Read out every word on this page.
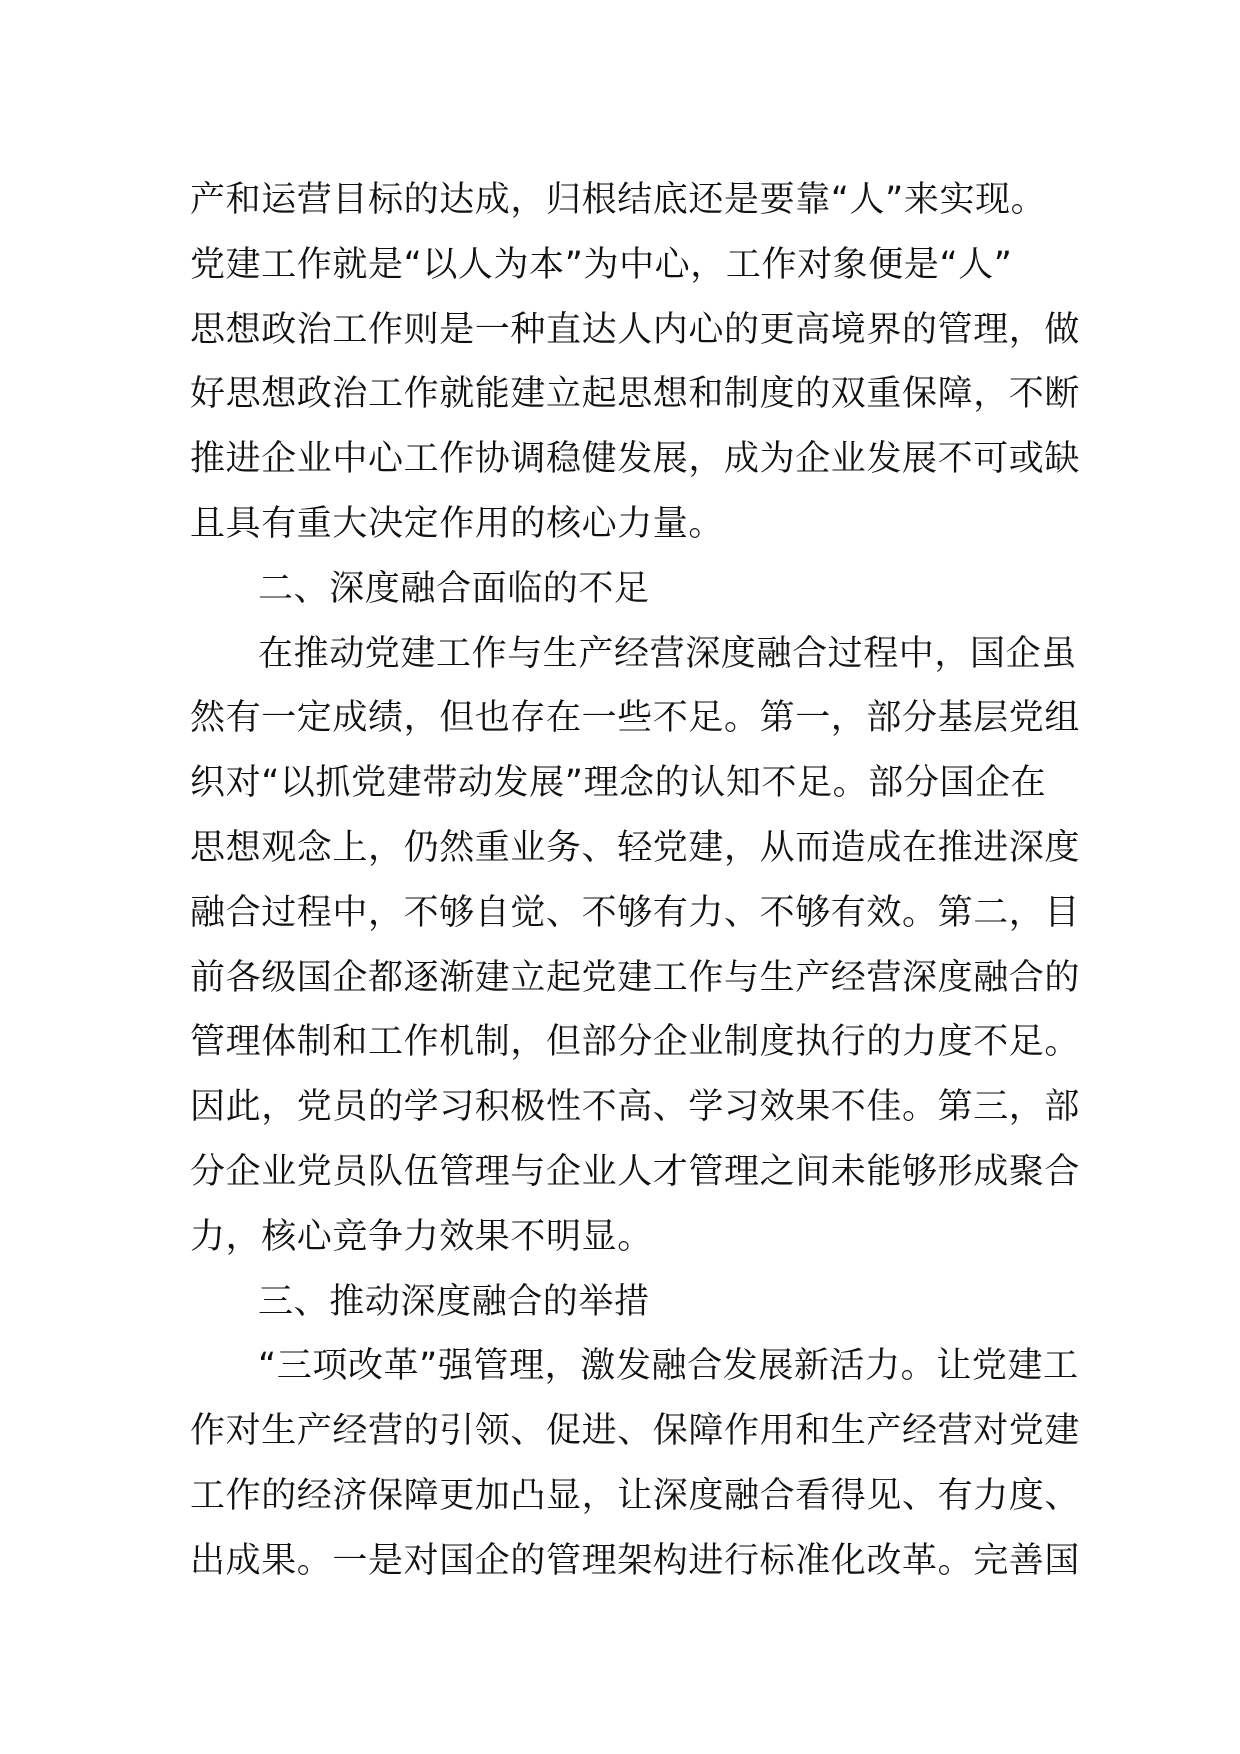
产和运营目标的达成，归根结底还是要靠“人”来实现。
党建工作就是“以人为本”为中心，工作对象便是“人”
思想政治工作则是一种直达人内心的更高境界的管理，做
好思想政治工作就能建立起思想和制度的双重保障，不断
推进企业中心工作协调稳健发展，成为企业发展不可或缺
且具有重大决定作用的核心力量。
二、深度融合面临的不足
在推动党建工作与生产经营深度融合过程中，国企虽
然有一定成绩，但也存在一些不足。第一，部分基层党组
织对“以抓党建带动发展”理念的认知不足。部分国企在
思想观念上，仍然重业务、轻党建，从而造成在推进深度
融合过程中，不够自觉、不够有力、不够有效。第二，目
前各级国企都逐渐建立起党建工作与生产经营深度融合的
管理体制和工作机制，但部分企业制度执行的力度不足。
因此，党员的学习积极性不高、学习效果不佳。第三，部
分企业党员队伍管理与企业人才管理之间未能够形成聚合
力，核心竞争力效果不明显。
三、推动深度融合的举措
“三项改革”强管理，激发融合发展新活力。让党建工
作对生产经营的引领、促进、保障作用和生产经营对党建
工作的经济保障更加凸显，让深度融合看得见、有力度、
出成果。一是对国企的管理架构进行标准化改革。完善国
